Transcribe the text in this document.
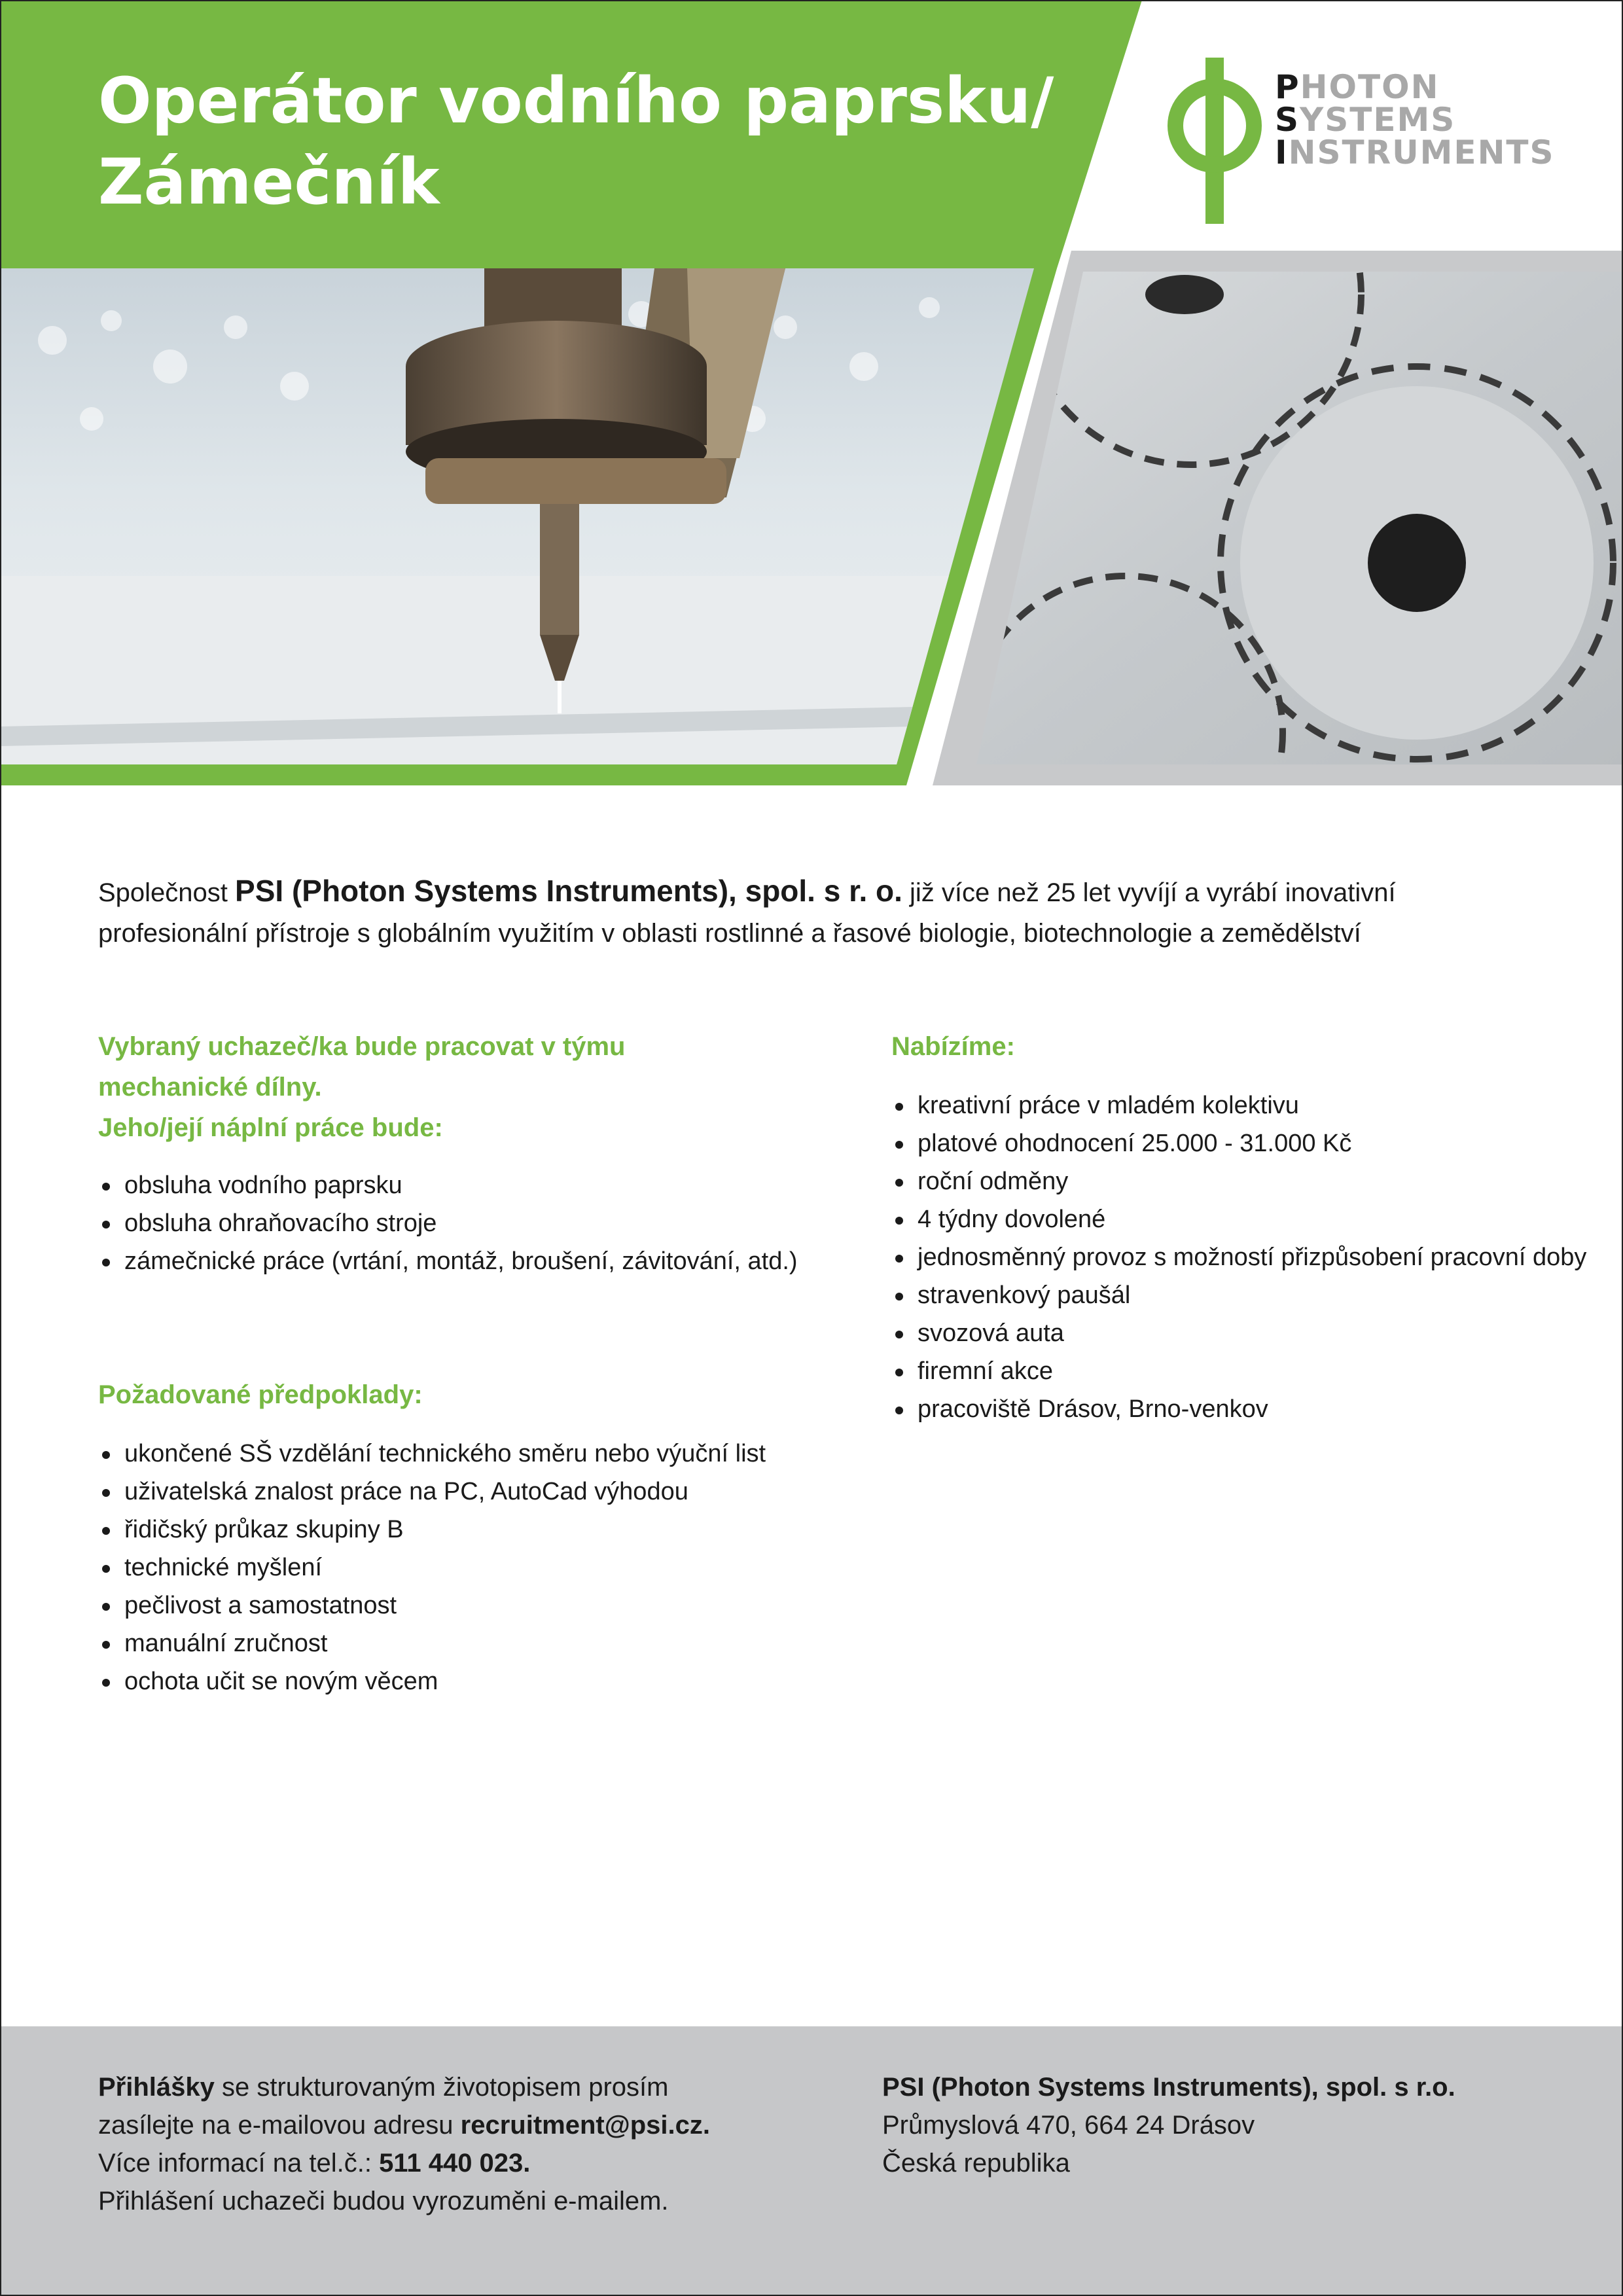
Operátor vodního paprsku/
Zámečník
PHOTON
SYSTEMS
INSTRUMENTS
Společnost PSI (Photon Systems Instruments), spol. s r. o. již více než 25 let vyvíjí a vyrábí inovativní
profesionální přístroje s globálním využitím v oblasti rostlinné a řasové biologie, biotechnologie a zemědělství
Vybraný uchazeč/ka bude pracovat v týmu
mechanické dílny.
Jeho/její náplní práce bude:
obsluha vodního paprsku
obsluha ohraňovacího stroje
zámečnické práce (vrtání, montáž, broušení, závitování, atd.)
Požadované předpoklady:
ukončené SŠ vzdělání technického směru nebo výuční list
uživatelská znalost práce na PC, AutoCad výhodou
řidičský průkaz skupiny B
technické myšlení
pečlivost a samostatnost
manuální zručnost
ochota učit se novým věcem
Nabízíme:
kreativní práce v mladém kolektivu
platové ohodnocení 25.000 - 31.000 Kč
roční odměny
4 týdny dovolené
jednosměnný provoz s možností přizpůsobení pracovní doby
stravenkový paušál
svozová auta
firemní akce
pracoviště Drásov, Brno-venkov
Přihlášky se strukturovaným životopisem prosím
zasílejte na e-mailovou adresu recruitment@psi.cz.
Více informací na tel.č.: 511 440 023.
Přihlášení uchazeči budou vyrozuměni e-mailem.
PSI (Photon Systems Instruments), spol. s r.o.
Průmyslová 470, 664 24 Drásov
Česká republika
